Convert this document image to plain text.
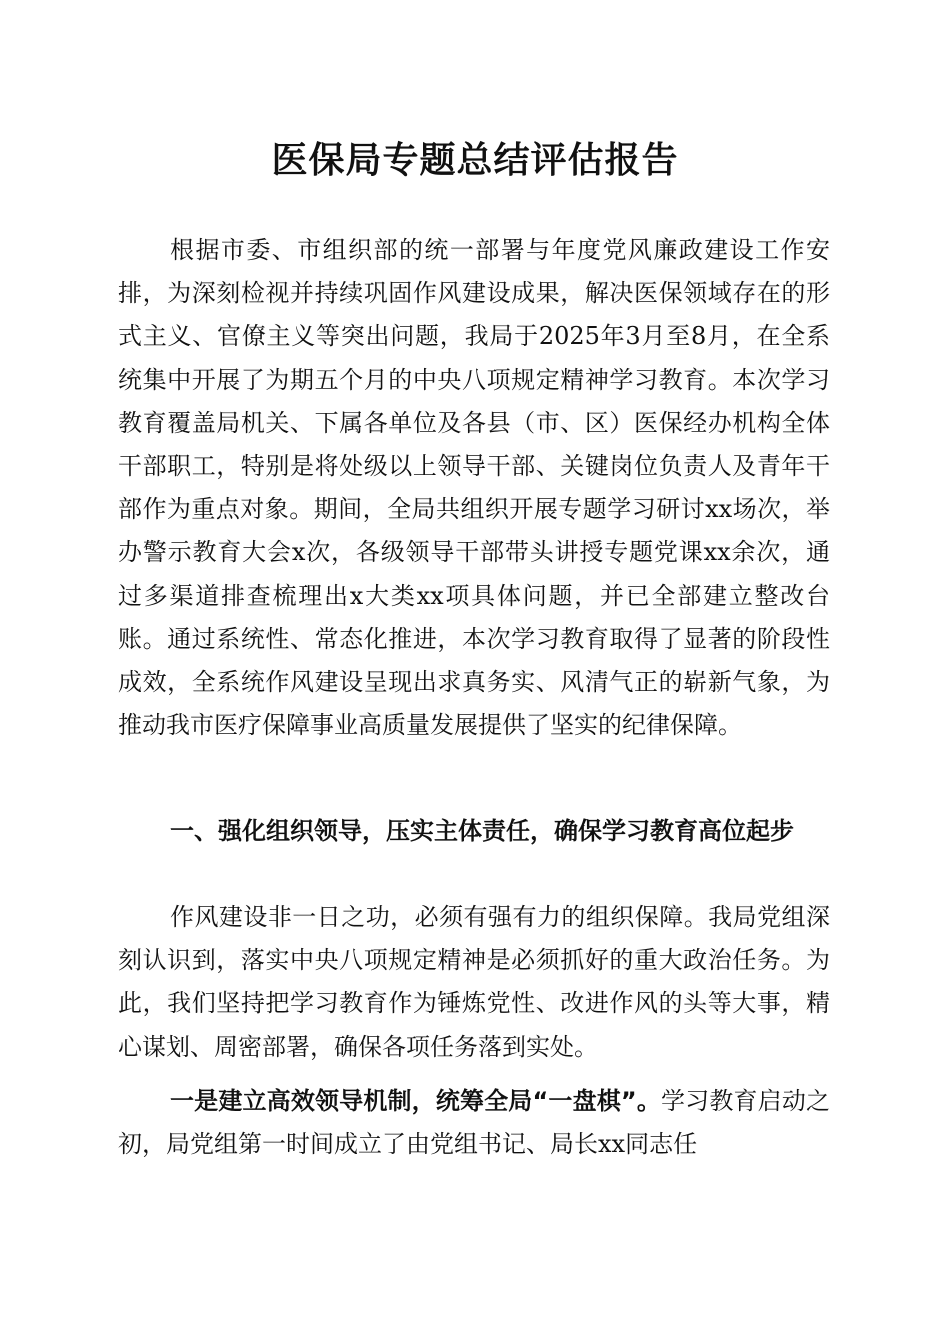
医保局专题总结评估报告

根据市委、市组织部的统一部署与年度党风廉政建设工作安排，为深刻检视并持续巩固作风建设成果，解决医保领域存在的形式主义、官僚主义等突出问题，我局于2025年3月至8月，在全系统集中开展了为期五个月的中央八项规定精神学习教育。本次学习教育覆盖局机关、下属各单位及各县（市、区）医保经办机构全体干部职工，特别是将处级以上领导干部、关键岗位负责人及青年干部作为重点对象。期间，全局共组织开展专题学习研讨xx场次，举办警示教育大会x次，各级领导干部带头讲授专题党课xx余次，通过多渠道排查梳理出x大类xx项具体问题，并已全部建立整改台账。通过系统性、常态化推进，本次学习教育取得了显著的阶段性成效，全系统作风建设呈现出求真务实、风清气正的崭新气象，为推动我市医疗保障事业高质量发展提供了坚实的纪律保障。

一、强化组织领导，压实主体责任，确保学习教育高位起步

作风建设非一日之功，必须有强有力的组织保障。我局党组深刻认识到，落实中央八项规定精神是必须抓好的重大政治任务。为此，我们坚持把学习教育作为锤炼党性、改进作风的头等大事，精心谋划、周密部署，确保各项任务落到实处。

一是建立高效领导机制，统筹全局“一盘棋”。学习教育启动之初，局党组第一时间成立了由党组书记、局长xx同志任
